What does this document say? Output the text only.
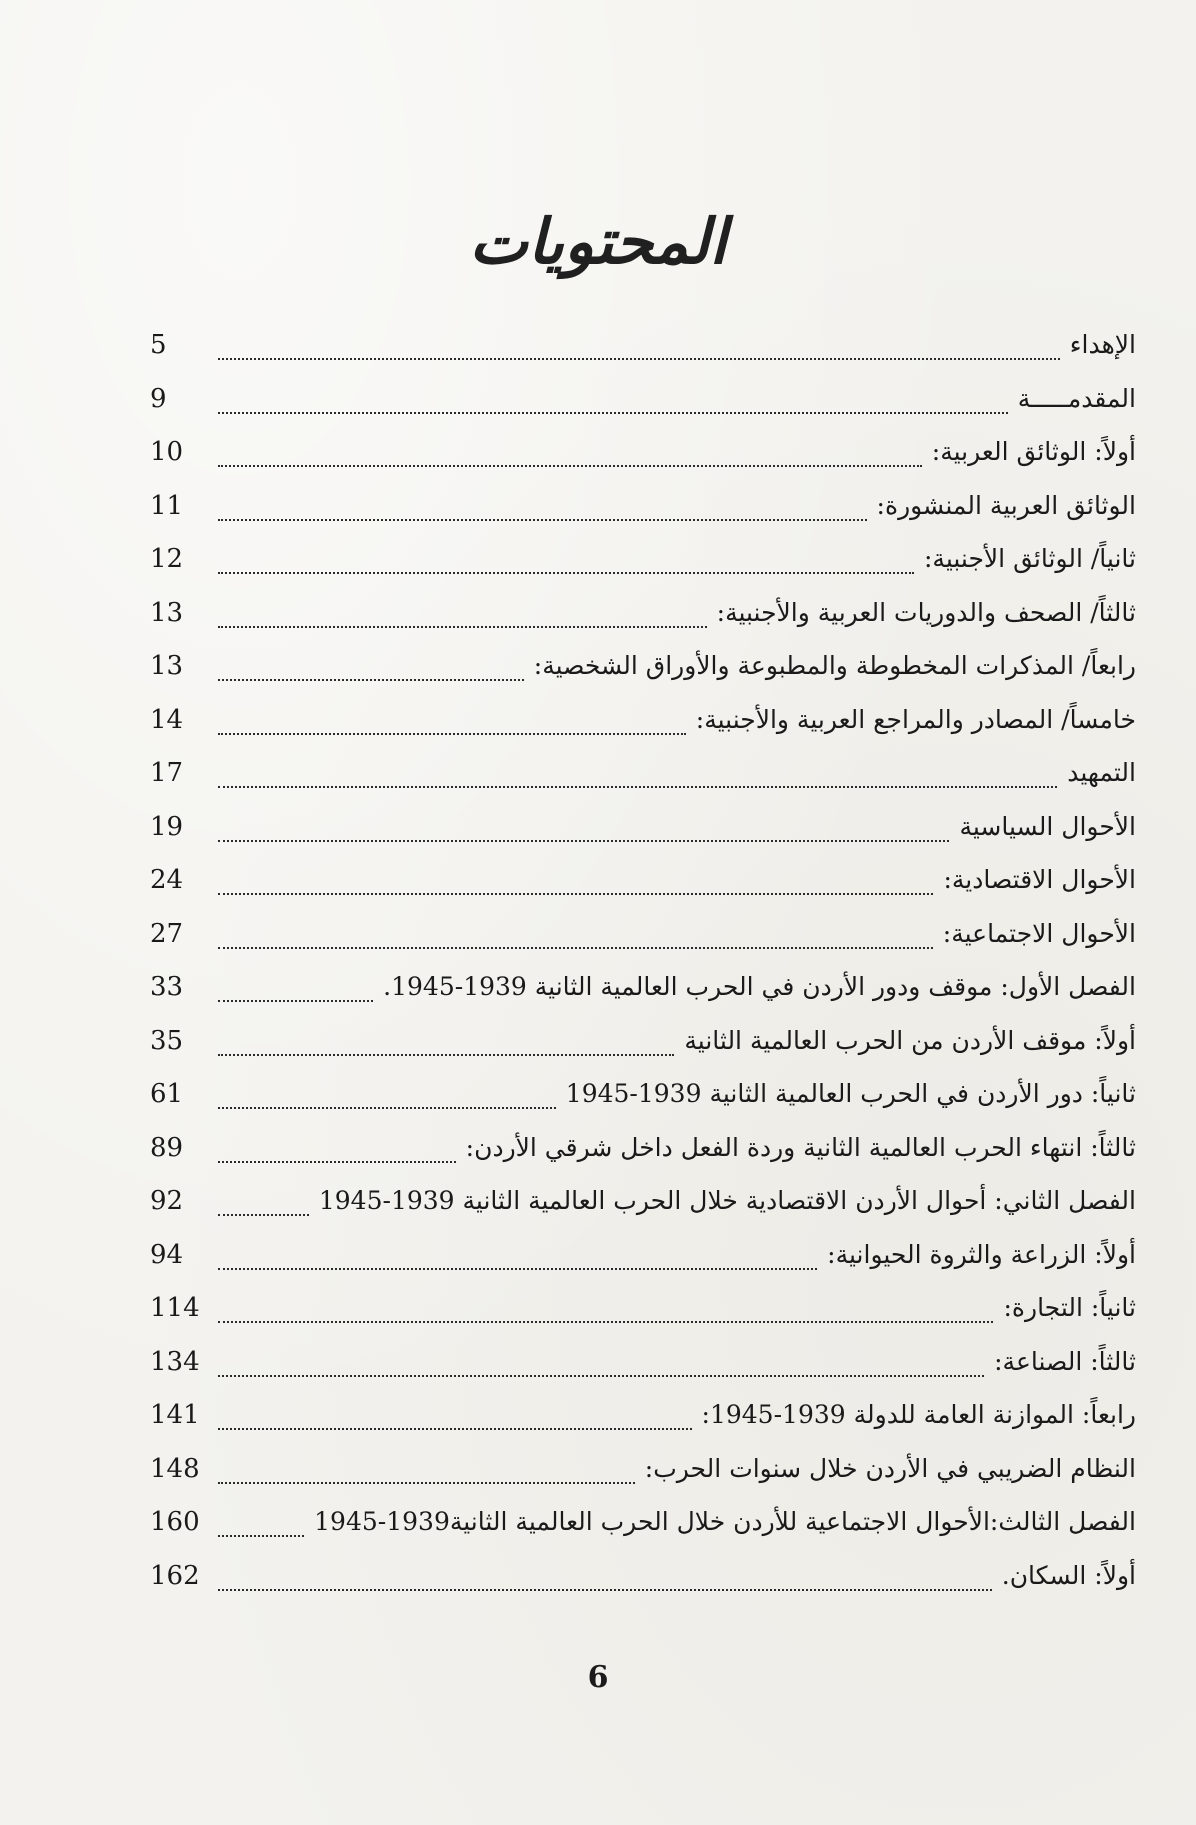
المحتويات
الإهداء
5
المقدمـــــة
9
أولاً: الوثائق العربية:
10
الوثائق العربية المنشورة:
11
ثانياً/ الوثائق الأجنبية:
12
ثالثاً/ الصحف والدوريات العربية والأجنبية:
13
رابعاً/ المذكرات المخطوطة والمطبوعة والأوراق الشخصية:
13
خامساً/ المصادر والمراجع العربية والأجنبية:
14
التمهيد
17
الأحوال السياسية
19
الأحوال الاقتصادية:
24
الأحوال الاجتماعية:
27
الفصل الأول: موقف ودور الأردن في الحرب العالمية الثانية 1939-1945.
33
أولاً: موقف الأردن من الحرب العالمية الثانية
35
ثانياً: دور الأردن في الحرب العالمية الثانية 1939-1945
61
ثالثاً: انتهاء الحرب العالمية الثانية وردة الفعل داخل شرقي الأردن:
89
الفصل الثاني: أحوال الأردن الاقتصادية خلال الحرب العالمية الثانية 1939-1945
92
أولاً: الزراعة والثروة الحيوانية:
94
ثانياً: التجارة:
114
ثالثاً: الصناعة:
134
رابعاً: الموازنة العامة للدولة 1939-1945:
141
النظام الضريبي في الأردن خلال سنوات الحرب:
148
الفصل الثالث:الأحوال الاجتماعية للأردن خلال الحرب العالمية الثانية1939-1945
160
أولاً: السكان.
162
6
